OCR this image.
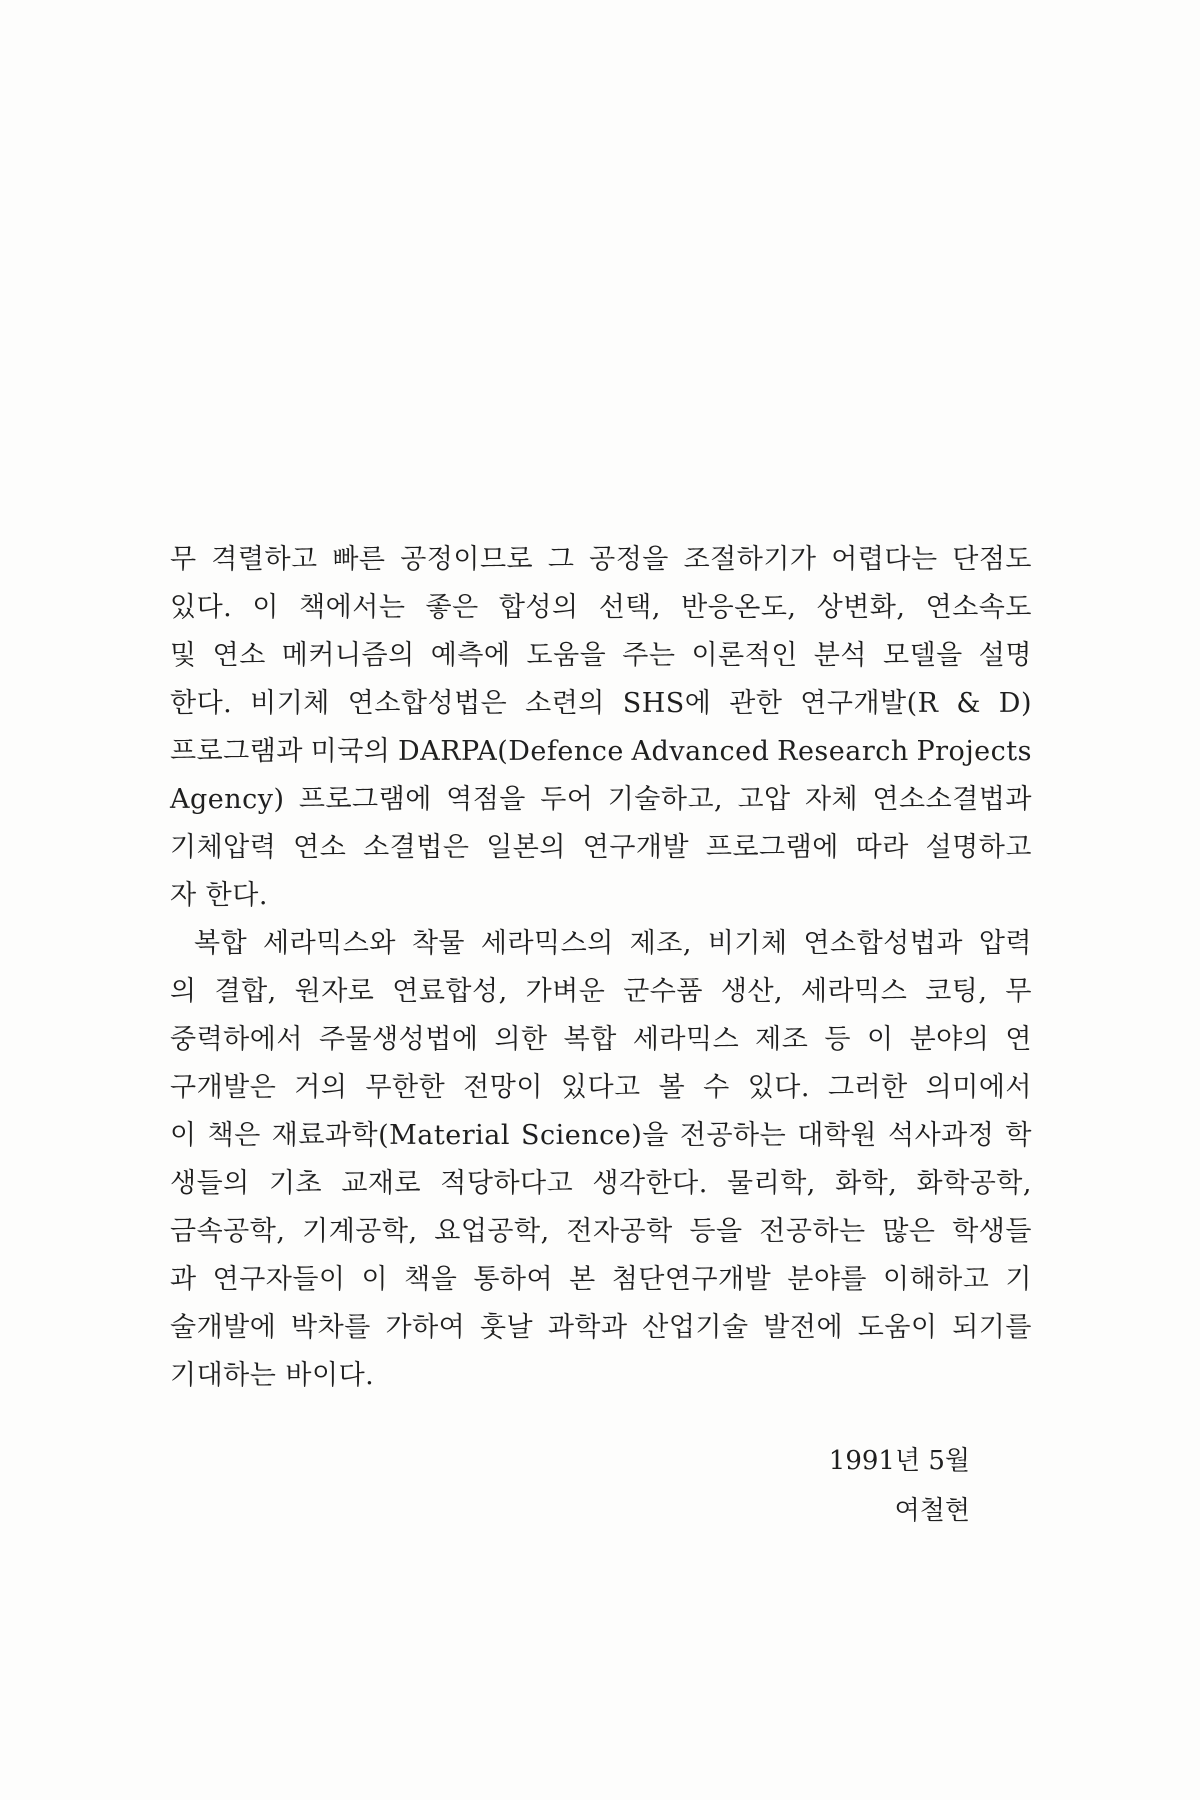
무 격렬하고 빠른 공정이므로 그 공정을 조절하기가 어렵다는 단점도
있다. 이 책에서는 좋은 합성의 선택, 반응온도, 상변화, 연소속도
및 연소 메커니즘의 예측에 도움을 주는 이론적인 분석 모델을 설명
한다. 비기체 연소합성법은 소련의 SHS에 관한 연구개발(R & D)
프로그램과 미국의 DARPA(Defence Advanced Research Projects
Agency) 프로그램에 역점을 두어 기술하고, 고압 자체 연소소결법과
기체압력 연소 소결법은 일본의 연구개발 프로그램에 따라 설명하고
자 한다.
복합 세라믹스와 착물 세라믹스의 제조, 비기체 연소합성법과 압력
의 결합, 원자로 연료합성, 가벼운 군수품 생산, 세라믹스 코팅, 무
중력하에서 주물생성법에 의한 복합 세라믹스 제조 등 이 분야의 연
구개발은 거의 무한한 전망이 있다고 볼 수 있다. 그러한 의미에서
이 책은 재료과학(Material Science)을 전공하는 대학원 석사과정 학
생들의 기초 교재로 적당하다고 생각한다. 물리학, 화학, 화학공학,
금속공학, 기계공학, 요업공학, 전자공학 등을 전공하는 많은 학생들
과 연구자들이 이 책을 통하여 본 첨단연구개발 분야를 이해하고 기
술개발에 박차를 가하여 훗날 과학과 산업기술 발전에 도움이 되기를
기대하는 바이다.
1991년 5월
여철현
